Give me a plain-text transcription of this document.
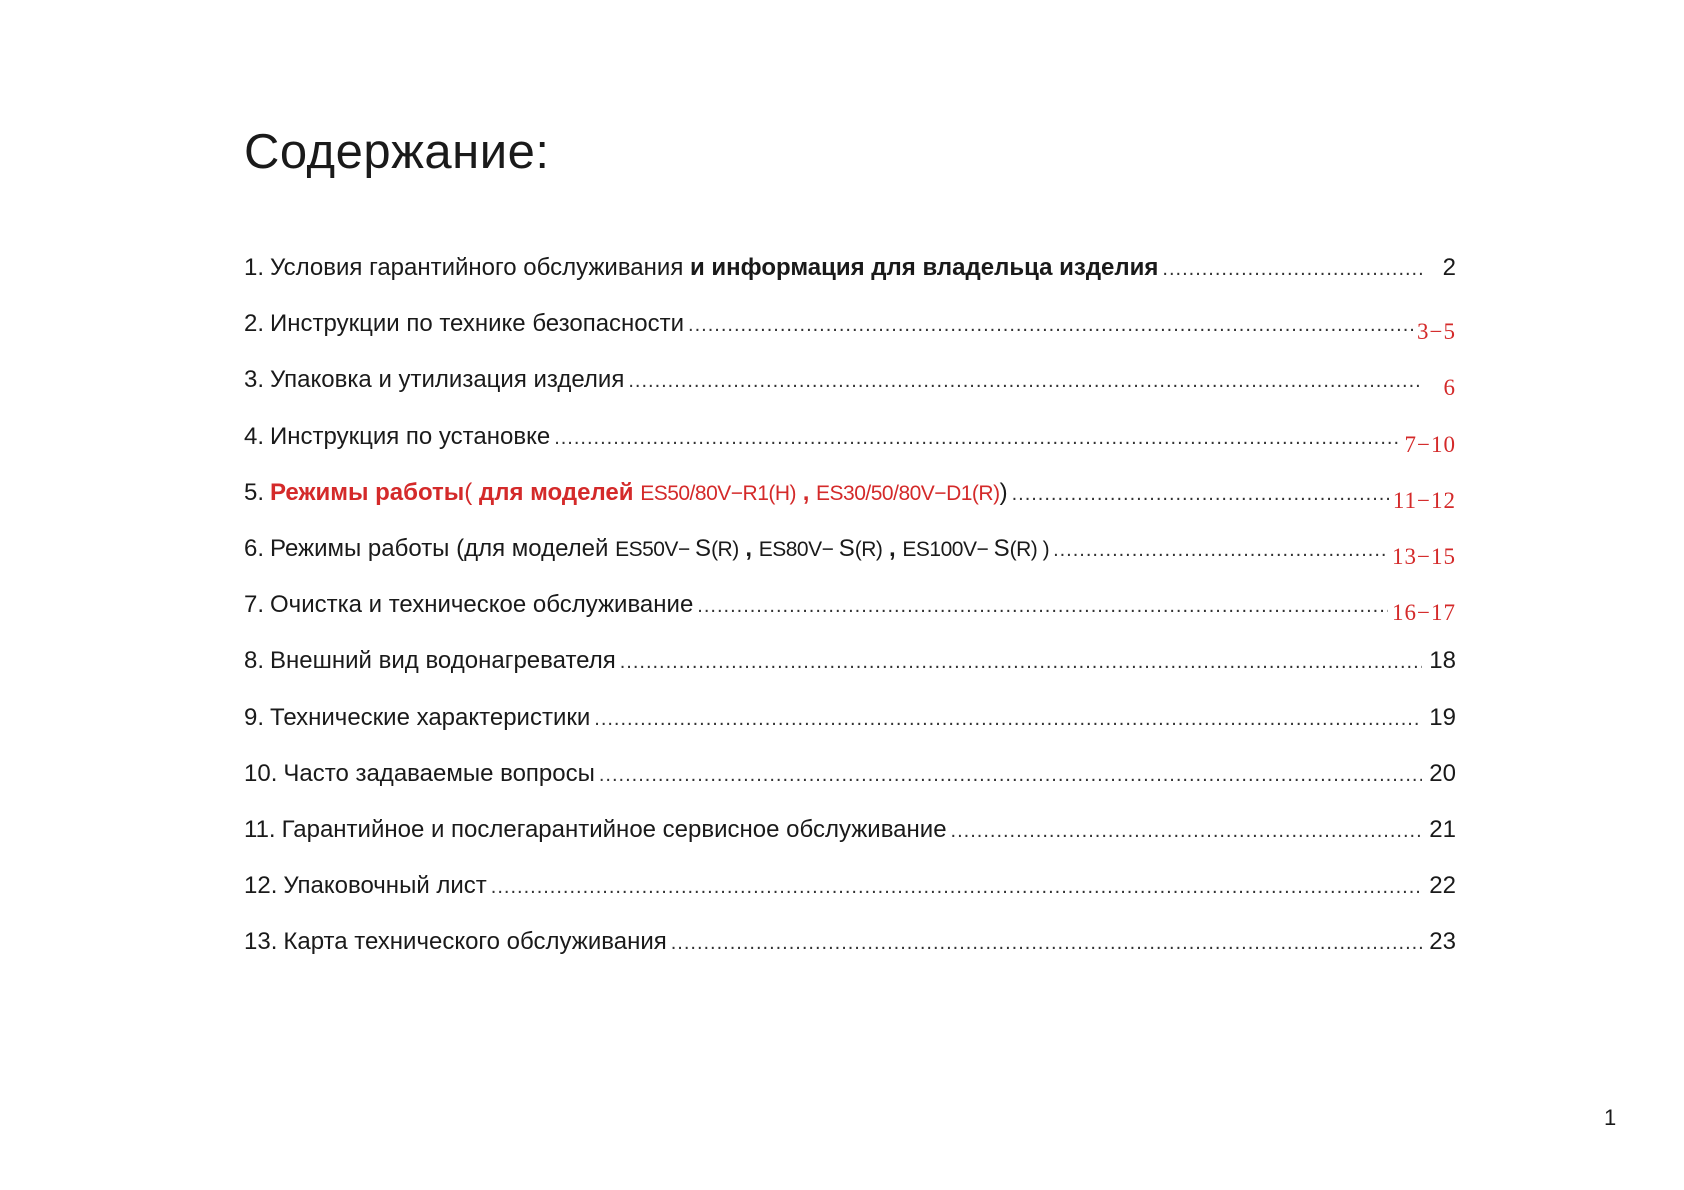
Содержание:
1. Условия гарантийного обслуживания и информация для владельца изделия .....	2
2. Инструкции по технике безопасности .....	3−5
3. Упаковка и утилизация изделия .....	6
4. Инструкция по установке .....	7−10
5. Режимы работы( для моделей ES50/80V−R1(H) , ES30/50/80V−D1(R)) .....	11−12
6. Режимы работы (для моделей ES50V− S(R) , ES80V− S(R) , ES100V− S(R) ) .....	13−15
7. Очистка и техническое обслуживание .....	16−17
8. Внешний вид водонагревателя .....	18
9. Технические характеристики .....	19
10. Часто задаваемые вопросы .....	20
11. Гарантийное и послегарантийное сервисное обслуживание .....	21
12. Упаковочный лист .....	22
13. Карта технического обслуживания .....	23
1
